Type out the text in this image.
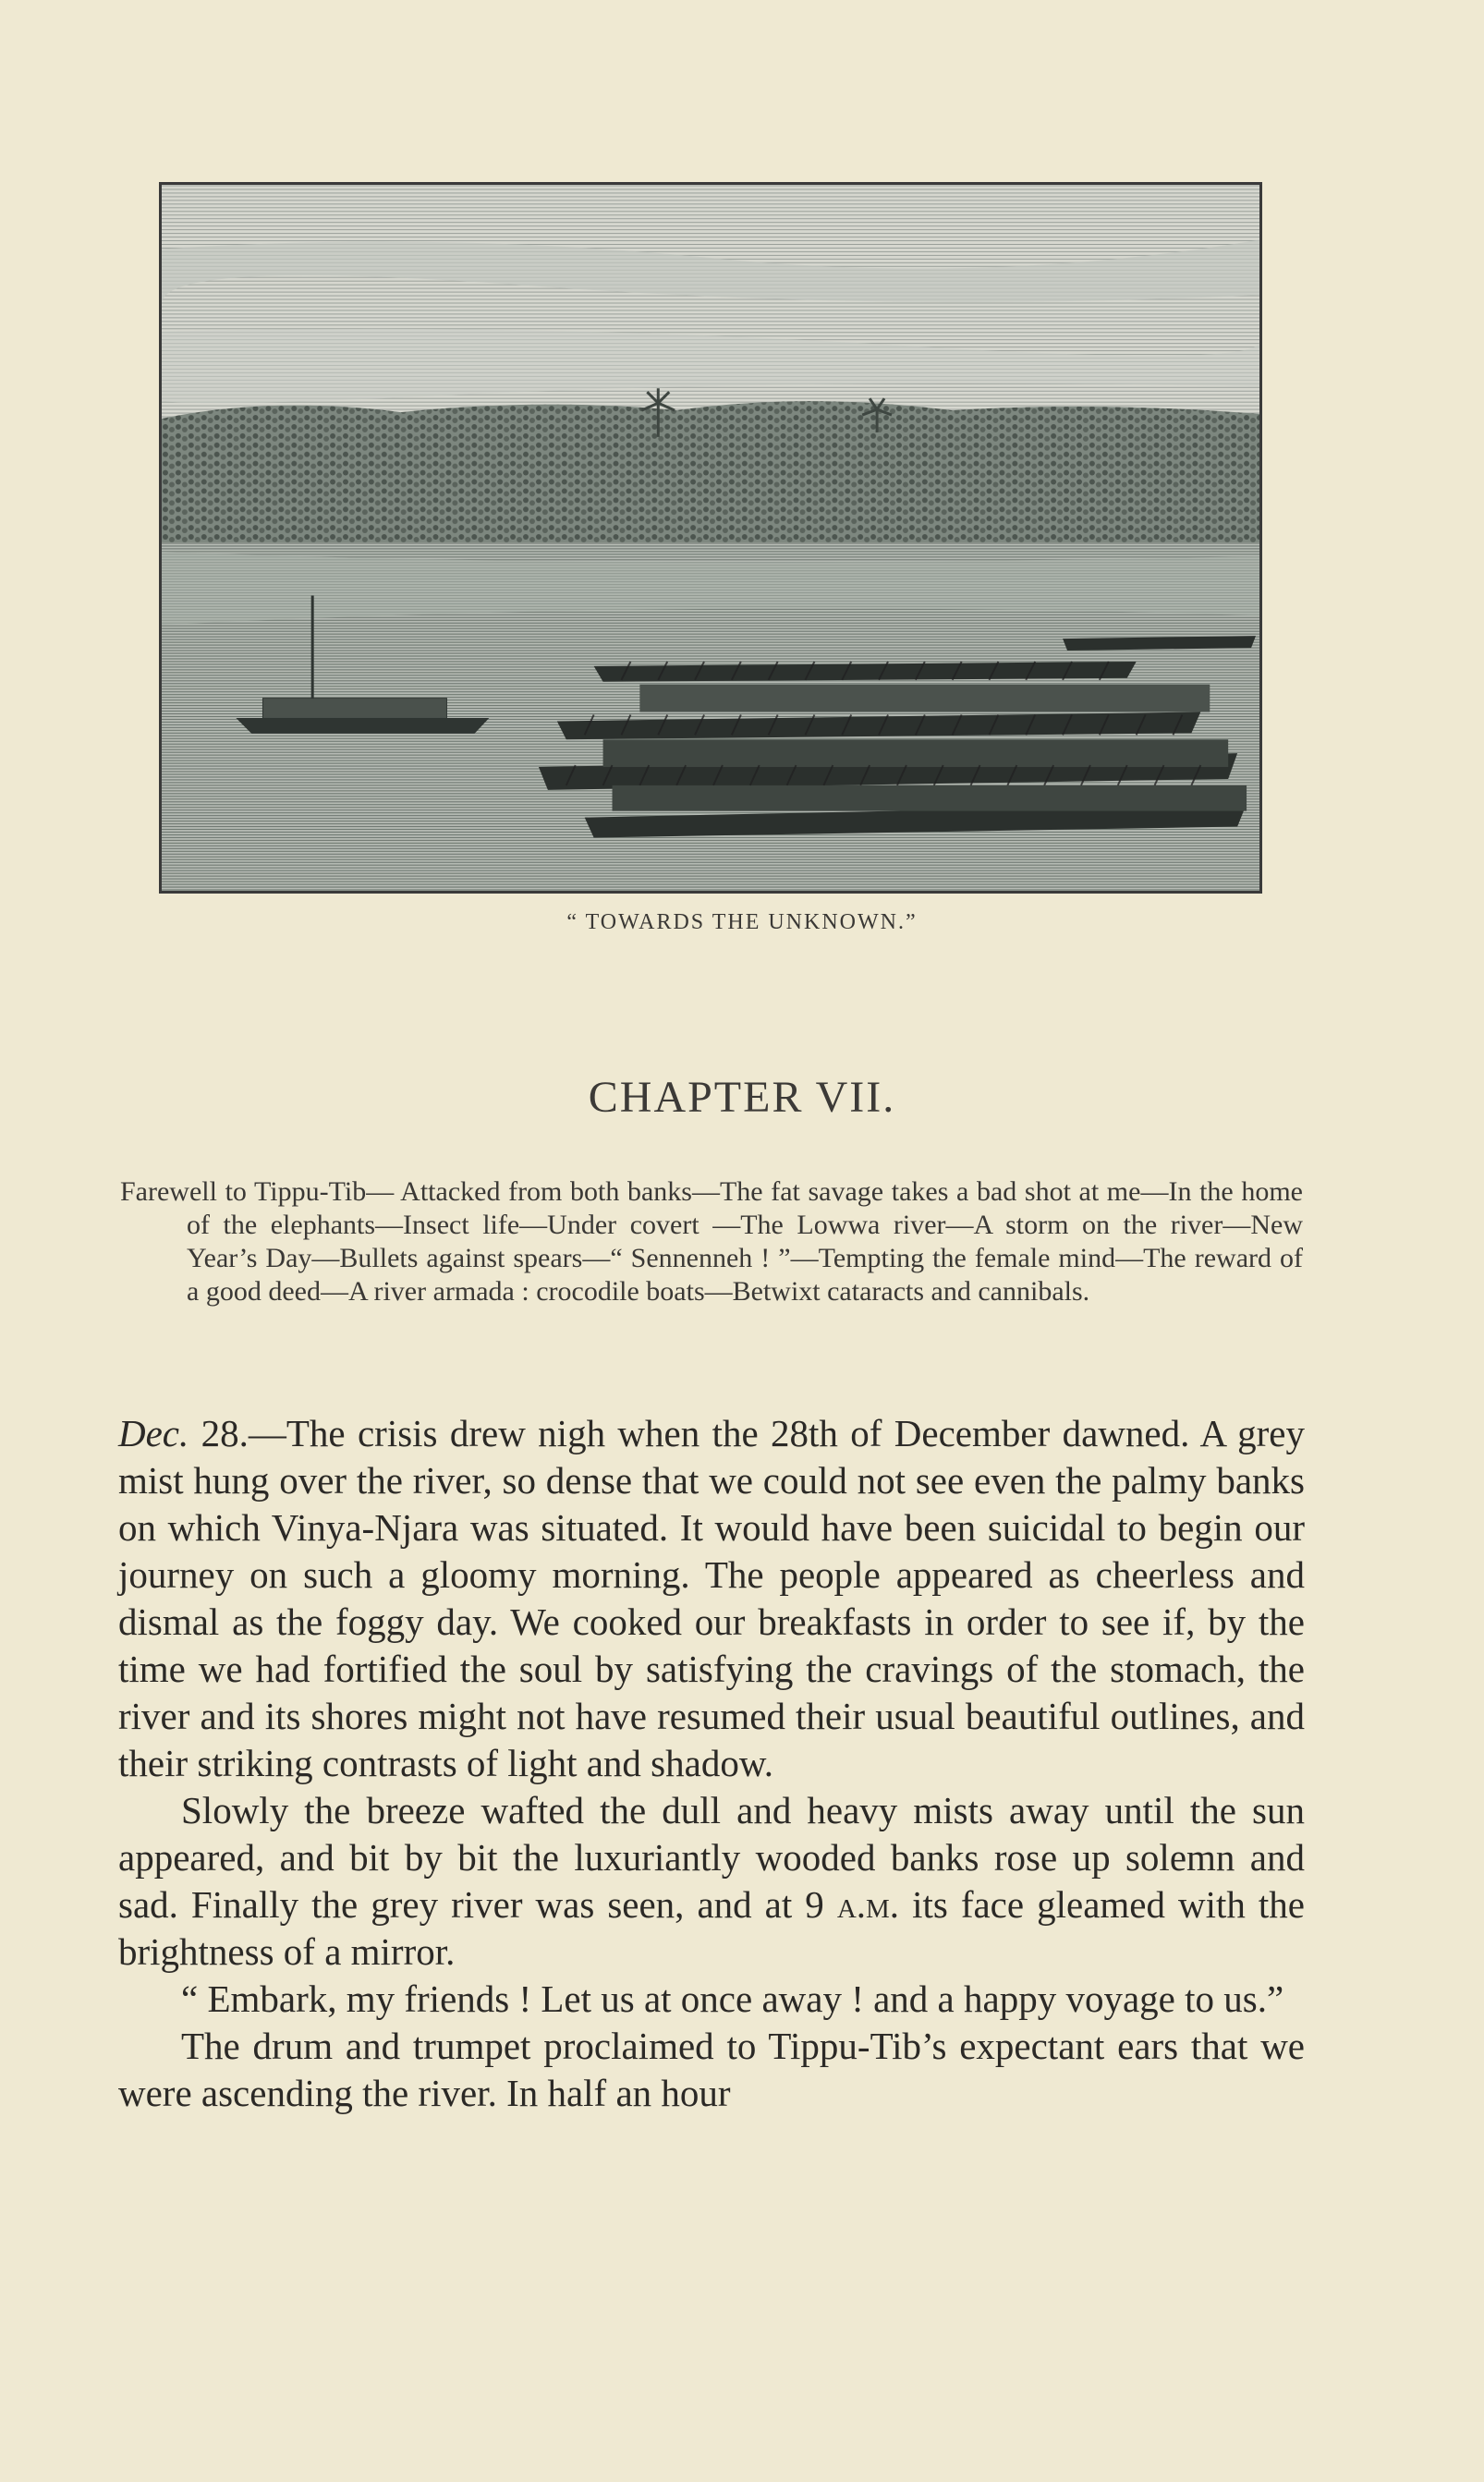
“ TOWARDS THE UNKNOWN.”
CHAPTER VII.
Farewell to Tippu-Tib— Attacked from both banks—The fat savage takes a bad shot at me—In the home of the elephants—Insect life—Under covert —The Lowwa river—A storm on the river—New Year’s Day—Bullets against spears—“ Sennenneh ! ”—Tempting the female mind—The reward of a good deed—A river armada : crocodile boats—Betwixt cataracts and cannibals.

Dec. 28.—The crisis drew nigh when the 28th of December dawned. A grey mist hung over the river, so dense that we could not see even the palmy banks on which Vinya-Njara was situated. It would have been suicidal to begin our journey on such a gloomy morning. The people appeared as cheerless and dismal as the foggy day. We cooked our breakfasts in order to see if, by the time we had fortified the soul by satisfying the cravings of the stomach, the river and its shores might not have resumed their usual beautiful outlines, and their striking contrasts of light and shadow.

Slowly the breeze wafted the dull and heavy mists away until the sun appeared, and bit by bit the luxuriantly wooded banks rose up solemn and sad. Finally the grey river was seen, and at 9 a.m. its face gleamed with the brightness of a mirror.

“ Embark, my friends ! Let us at once away ! and a happy voyage to us.”

The drum and trumpet proclaimed to Tippu-Tib’s expectant ears that we were ascending the river. In half an hour
